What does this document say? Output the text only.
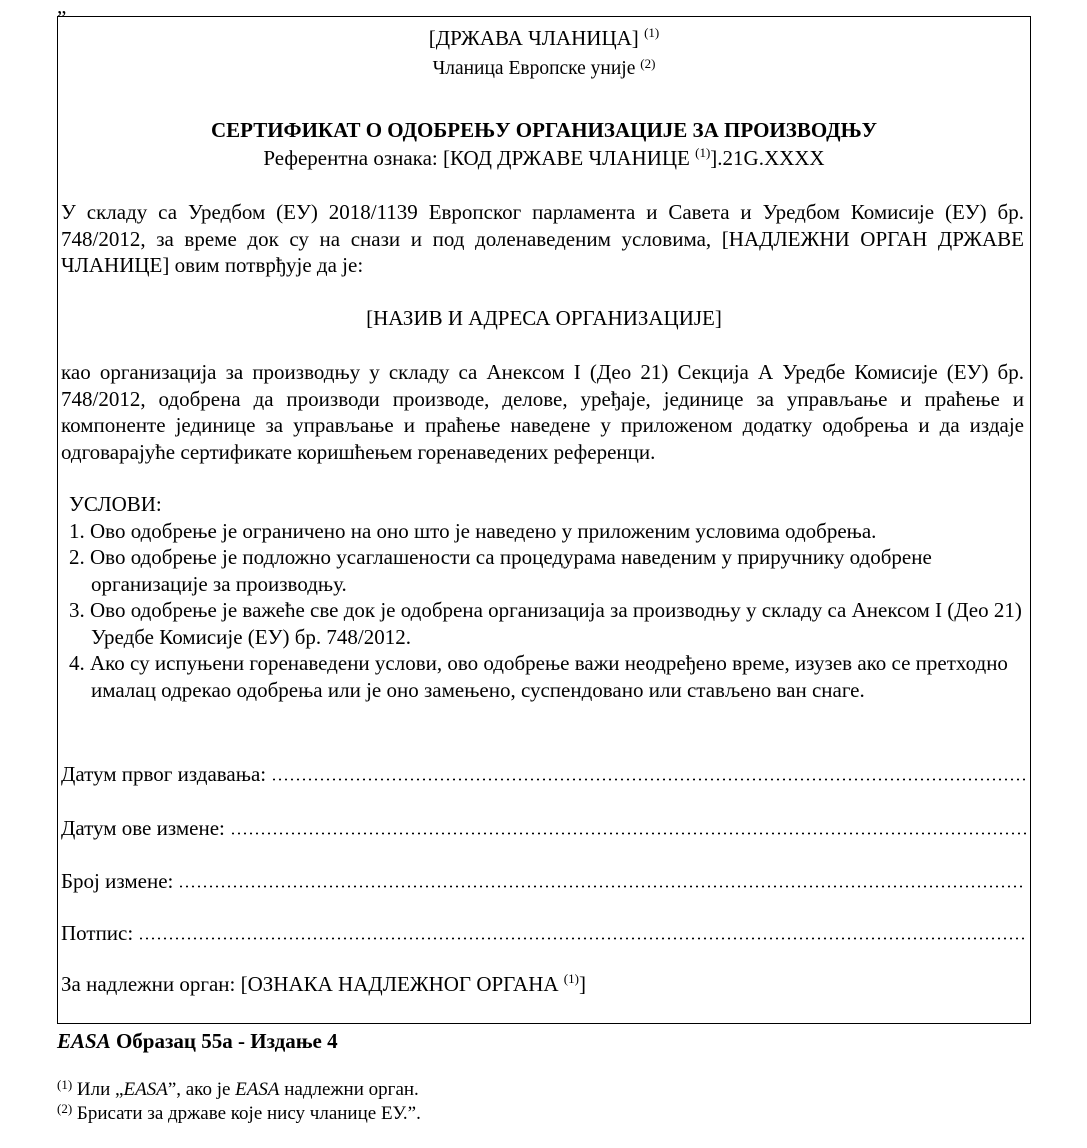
„
[ДРЖАВА ЧЛАНИЦА] $^{(1)}$
Чланица Европске уније $^{(2)}$
СЕРТИФИКАТ О ОДОБРЕЊУ ОРГАНИЗАЦИЈЕ ЗА ПРОИЗВОДЊУ
Референтна ознака: [КОД ДРЖАВЕ ЧЛАНИЦЕ $^{(1)}$].21G.XXXX
У складу са Уредбом (ЕУ) 2018/1139 Европског парламента и Савета и Уредбом Комисије (ЕУ) бр. 748/2012, за време док су на снази и под доленаведеним условима, [НАДЛЕЖНИ ОРГАН ДРЖАВЕ ЧЛАНИЦЕ] овим потврђује да је:
[НАЗИВ И АДРЕСА ОРГАНИЗАЦИЈЕ]
као организација за производњу у складу са Анексом I (Део 21) Секција А Уредбе Комисије (ЕУ) бр. 748/2012, одобрена да производи производе, делове, уређаје, јединице за управљање и праћење и компоненте јединице за управљање и праћење наведене у приложеном додатку одобрења и да издаје одговарајуће сертификате коришћењем горенаведених референци.
УСЛОВИ:
1. Ово одобрење је ограничено на оно што је наведено у приложеним условима одобрења.
2. Ово одобрење је подложно усаглашености са процедурама наведеним у приручнику одобрене организације за производњу.
3. Ово одобрење је важеће све док је одобрена организација за производњу у складу са Анексом I (Део 21) Уредбе Комисије (ЕУ) бр. 748/2012.
4. Ако су испуњени горенаведени услови, ово одобрење важи неодређено време, изузев ако се претходно ималац одрекао одобрења или је оно замењено, суспендовано или стављено ван снаге.
Датум првог издавања:
Датум ове измене:
Број измене:
Потпис:
За надлежни орган: [ОЗНАКА НАДЛЕЖНОГ ОРГАНА $^{(1)}$]
EASA Образац 55а - Издање 4
$^{(1)}$ Или „EASA”, ако је EASA надлежни орган.
$^{(2)}$ Брисати за државе које нису чланице ЕУ.”.
